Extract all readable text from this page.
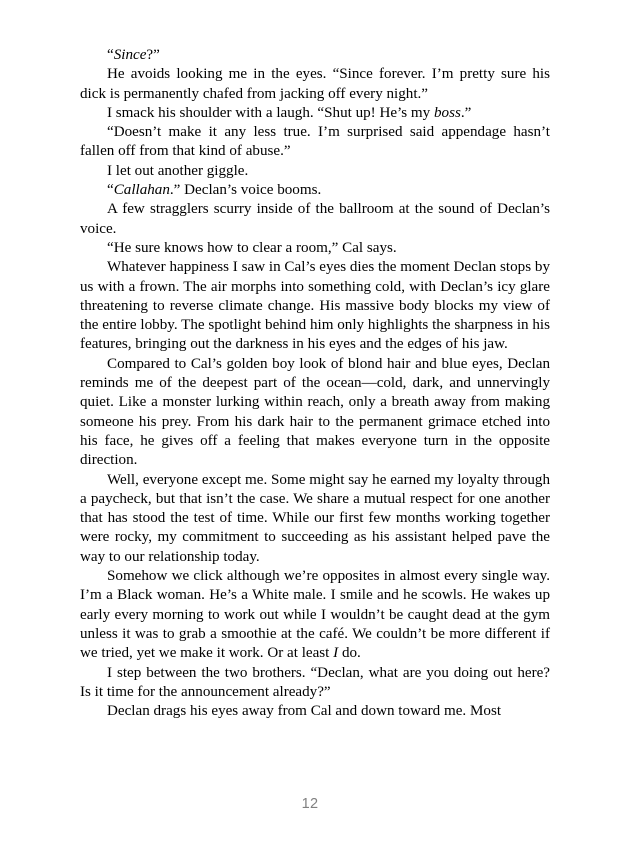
“Since?”

He avoids looking me in the eyes. “Since forever. I’m pretty sure his dick is permanently chafed from jacking off every night.”

I smack his shoulder with a laugh. “Shut up! He’s my boss.”

“Doesn’t make it any less true. I’m surprised said appendage hasn’t fallen off from that kind of abuse.”

I let out another giggle.

“Callahan.” Declan’s voice booms.

A few stragglers scurry inside of the ballroom at the sound of Declan’s voice.

“He sure knows how to clear a room,” Cal says.

Whatever happiness I saw in Cal’s eyes dies the moment Declan stops by us with a frown. The air morphs into something cold, with Declan’s icy glare threatening to reverse climate change. His massive body blocks my view of the entire lobby. The spotlight behind him only highlights the sharpness in his features, bringing out the darkness in his eyes and the edges of his jaw.

Compared to Cal’s golden boy look of blond hair and blue eyes, Declan reminds me of the deepest part of the ocean—cold, dark, and unnervingly quiet. Like a monster lurking within reach, only a breath away from making someone his prey. From his dark hair to the permanent grimace etched into his face, he gives off a feeling that makes everyone turn in the opposite direction.

Well, everyone except me. Some might say he earned my loyalty through a paycheck, but that isn’t the case. We share a mutual respect for one another that has stood the test of time. While our first few months working together were rocky, my commitment to succeeding as his assistant helped pave the way to our relationship today.

Somehow we click although we’re opposites in almost every single way. I’m a Black woman. He’s a White male. I smile and he scowls. He wakes up early every morning to work out while I wouldn’t be caught dead at the gym unless it was to grab a smoothie at the café. We couldn’t be more different if we tried, yet we make it work. Or at least I do.

I step between the two brothers. “Declan, what are you doing out here? Is it time for the announcement already?”

Declan drags his eyes away from Cal and down toward me. Most

12
